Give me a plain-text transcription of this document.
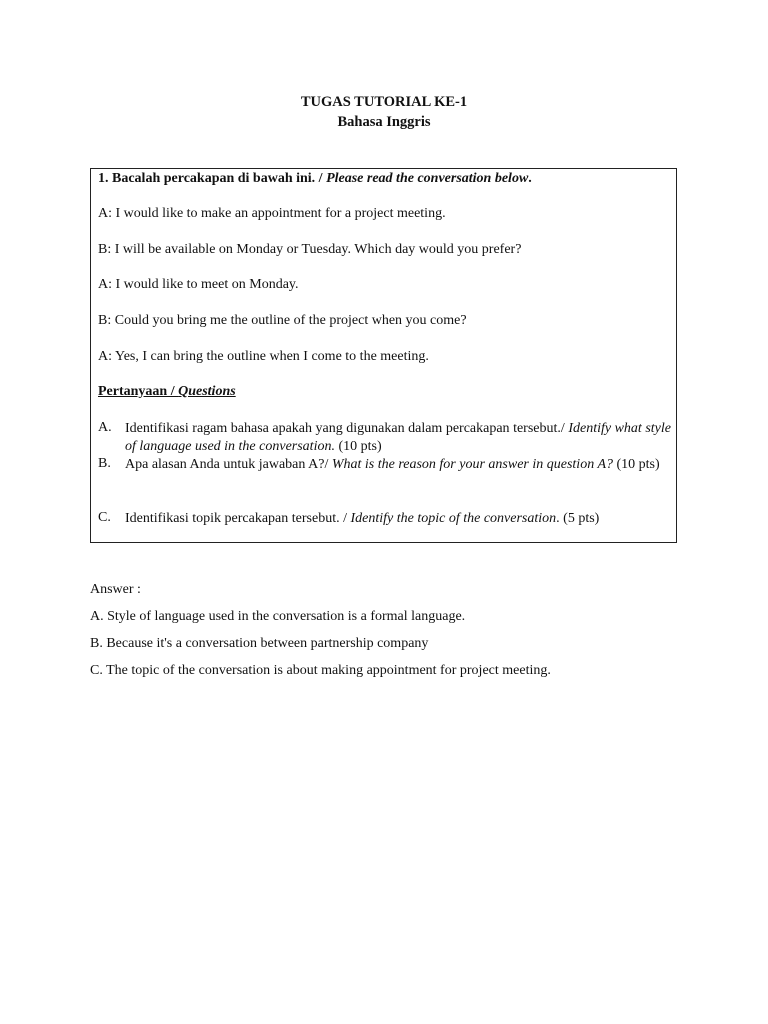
TUGAS TUTORIAL KE-1
Bahasa Inggris
1. Bacalah percakapan di bawah ini. / Please read the conversation below.
A: I would like to make an appointment for a project meeting.
B: I will be available on Monday or Tuesday. Which day would you prefer?
A: I would like to meet on Monday.
B: Could you bring me the outline of the project when you come?
A: Yes, I can bring the outline when I come to the meeting.
Pertanyaan / Questions
A. Identifikasi ragam bahasa apakah yang digunakan dalam percakapan tersebut./ Identify what style of language used in the conversation. (10 pts)
B. Apa alasan Anda untuk jawaban A?/ What is the reason for your answer in question A? (10 pts)
C. Identifikasi topik percakapan tersebut. / Identify the topic of the conversation. (5 pts)
Answer :
A. Style of language used in the conversation is a formal language.
B. Because it's a conversation between partnership company
C. The topic of the conversation is about making appointment for project meeting.
